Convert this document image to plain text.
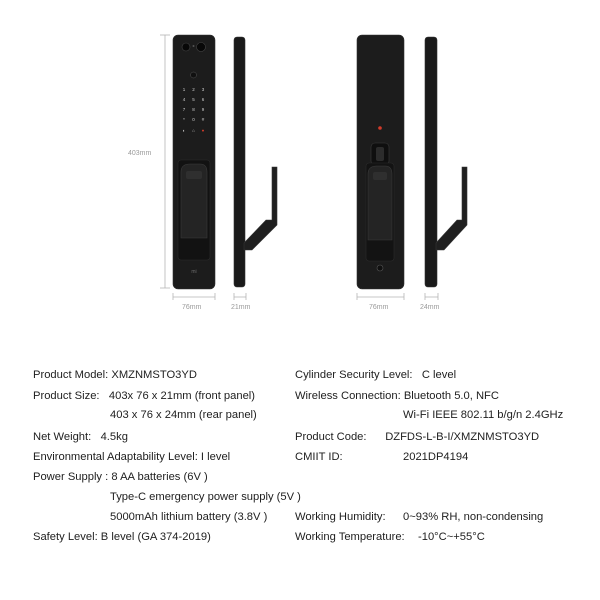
1 2 3
4 5 6
7 8 9
* 0 #
◐ ⌂ ●
mi
403mm
76mm	21mm	76mm	24mm
Product Model: XMZNMSTO3YD
Product Size: 403x 76 x 21mm (front panel)
403 x 76 x 24mm (rear panel)
Net Weight: 4.5kg
Environmental Adaptability Level: I level
Power Supply : 8 AA batteries (6V )
Type-C emergency power supply (5V )
5000mAh lithium battery (3.8V )
Safety Level: B level (GA 374-2019)
Cylinder Security Level: C level
Wireless Connection: Bluetooth 5.0, NFC
Wi-Fi IEEE 802.11 b/g/n 2.4GHz
Product Code: DZFDS-L-B-I/XMZNMSTO3YD
CMIIT ID:	2021DP4194
Working Humidity: 0~93% RH, non-condensing
Working Temperature: -10°C~+55°C
